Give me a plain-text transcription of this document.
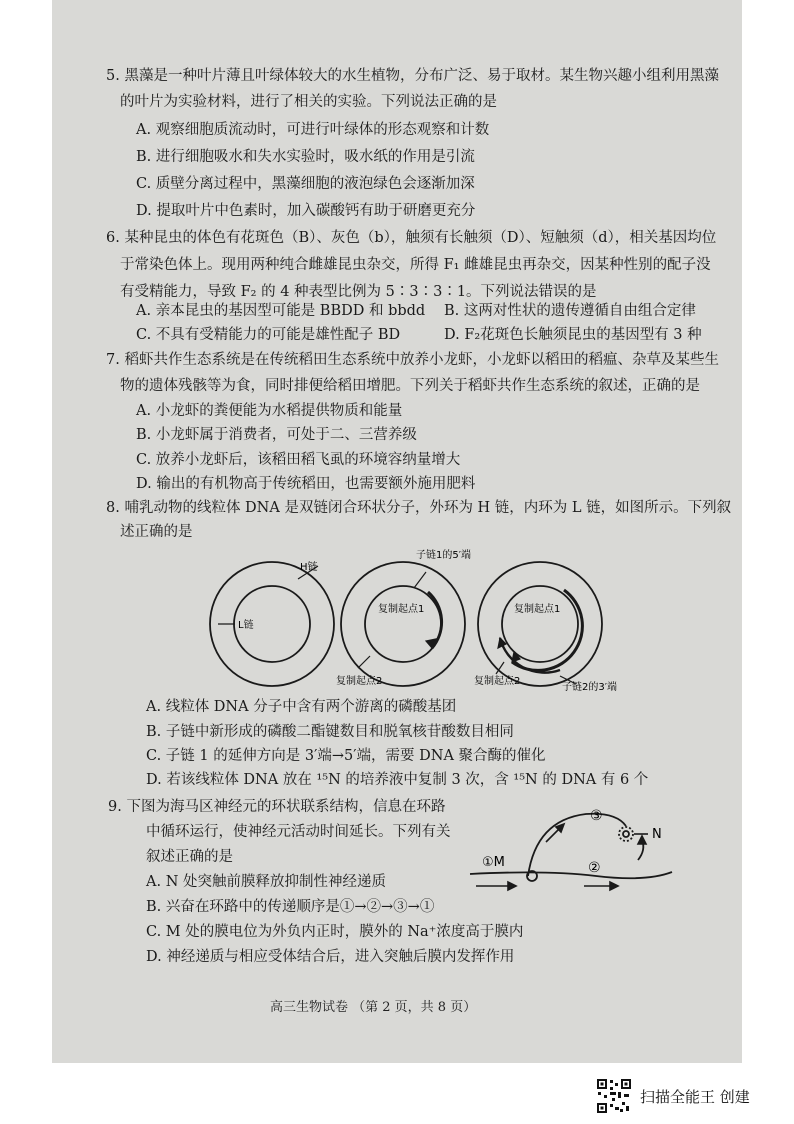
5. 黑藻是一种叶片薄且叶绿体较大的水生植物，分布广泛、易于取材。某生物兴趣小组利用黑藻
的叶片为实验材料，进行了相关的实验。下列说法正确的是
A. 观察细胞质流动时，可进行叶绿体的形态观察和计数
B. 进行细胞吸水和失水实验时，吸水纸的作用是引流
C. 质壁分离过程中，黑藻细胞的液泡绿色会逐渐加深
D. 提取叶片中色素时，加入碳酸钙有助于研磨更充分
6. 某种昆虫的体色有花斑色（B）、灰色（b），触须有长触须（D）、短触须（d），相关基因均位
于常染色体上。现用两种纯合雌雄昆虫杂交，所得 F₁ 雌雄昆虫再杂交，因某种性别的配子没
有受精能力，导致 F₂ 的 4 种表型比例为 5∶3∶3∶1。下列说法错误的是
A. 亲本昆虫的基因型可能是 BBDD 和 bbdd B. 这两对性状的遗传遵循自由组合定律
C. 不具有受精能力的可能是雄性配子 BD	D. F₂花斑色长触须昆虫的基因型有 3 种
7. 稻虾共作生态系统是在传统稻田生态系统中放养小龙虾，小龙虾以稻田的稻瘟、杂草及某些生
物的遗体残骸等为食，同时排便给稻田增肥。下列关于稻虾共作生态系统的叙述，正确的是
A. 小龙虾的粪便能为水稻提供物质和能量
B. 小龙虾属于消费者，可处于二、三营养级
C. 放养小龙虾后，该稻田稻飞虱的环境容纳量增大
D. 输出的有机物高于传统稻田，也需要额外施用肥料
8. 哺乳动物的线粒体 DNA 是双链闭合环状分子，外环为 H 链，内环为 L 链，如图所示。下列叙
述正确的是
H链
L链
子链1的5′端
复制起点1	复制起点1
复制起点2	复制起点2
子链2的3′端
A. 线粒体 DNA 分子中含有两个游离的磷酸基团
B. 子链中新形成的磷酸二酯键数目和脱氧核苷酸数目相同
C. 子链 1 的延伸方向是 3′端→5′端，需要 DNA 聚合酶的催化
D. 若该线粒体 DNA 放在 ¹⁵N 的培养液中复制 3 次，含 ¹⁵N 的 DNA 有 6 个
9. 下图为海马区神经元的环状联系结构，信息在环路
中循环运行，使神经元活动时间延长。下列有关
叙述正确的是
A. N 处突触前膜释放抑制性神经递质
B. 兴奋在环路中的传递顺序是①→②→③→①
C. M 处的膜电位为外负内正时，膜外的 Na⁺浓度高于膜内
D. 神经递质与相应受体结合后，进入突触后膜内发挥作用
①M	②
③
N
高三生物试卷 （第 2 页，共 8 页）
扫描全能王 创建
